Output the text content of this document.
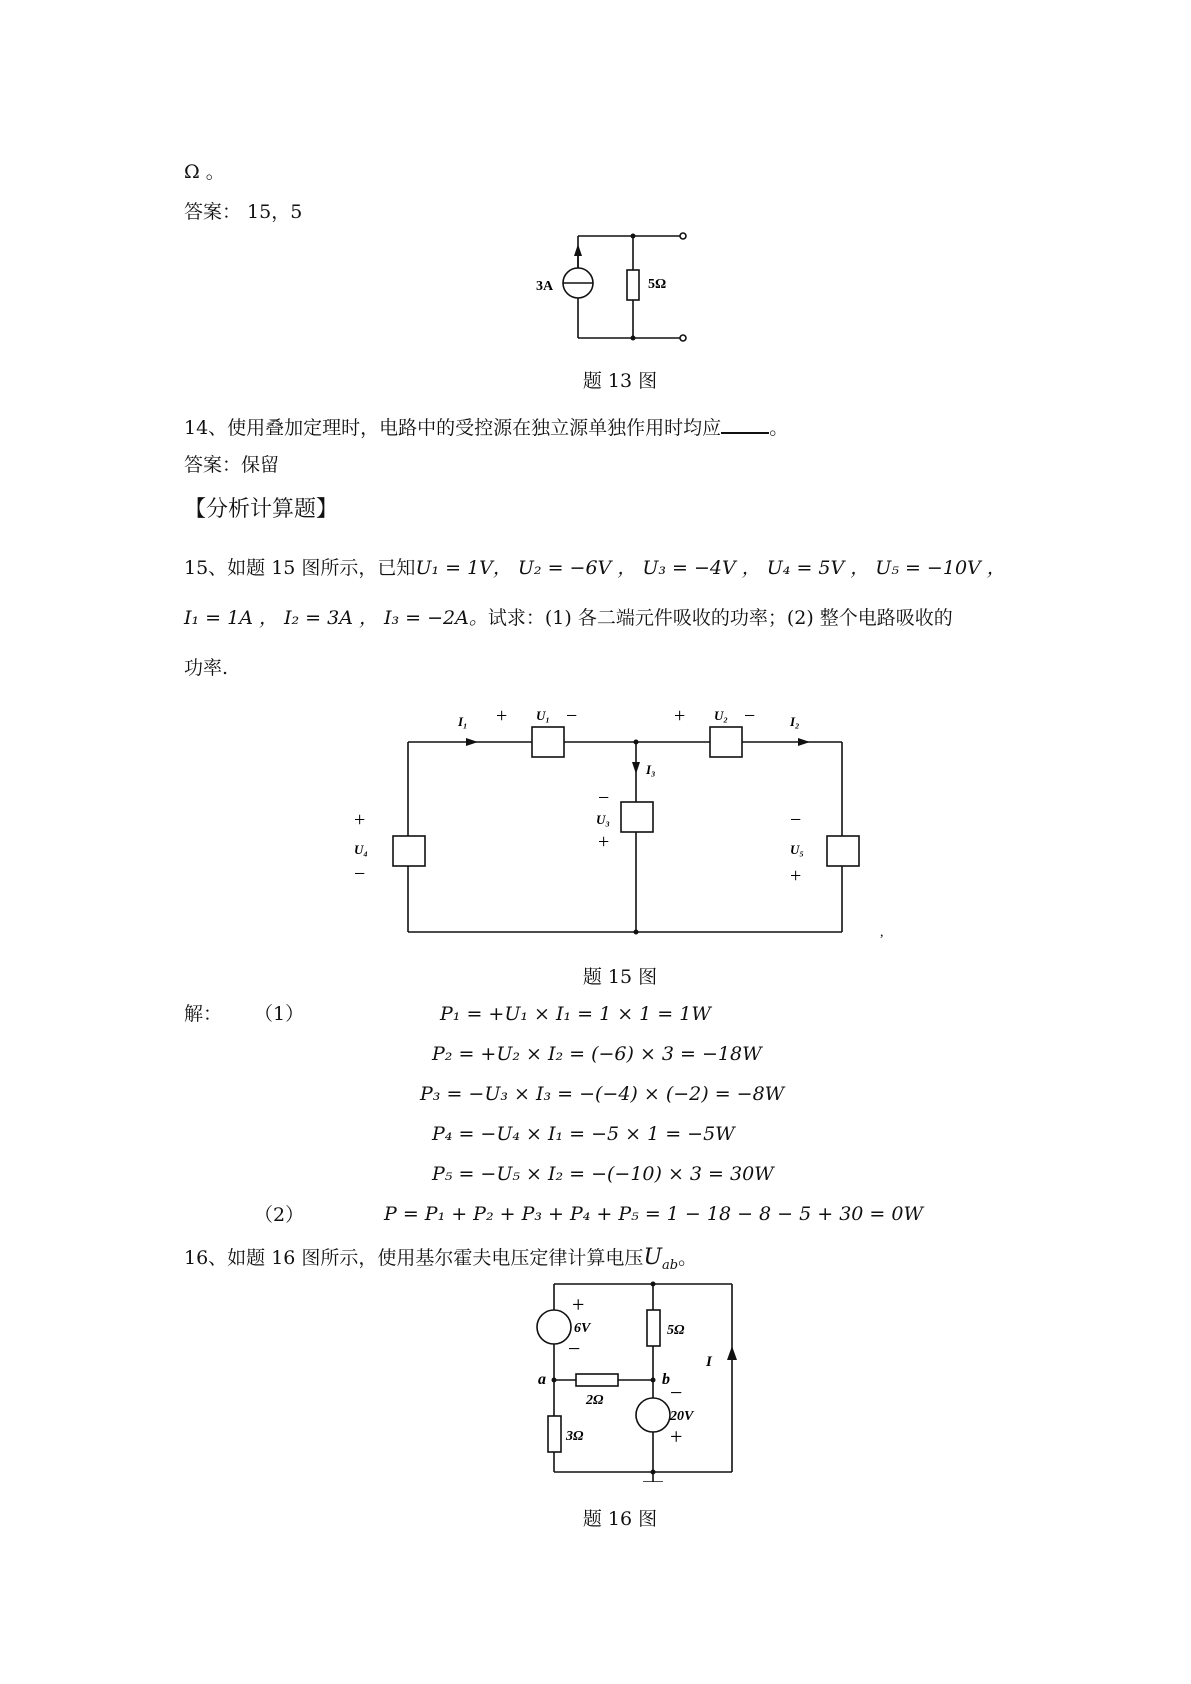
Ω 。
答案： 15，5
3A	5Ω
题 13 图
14、使用叠加定理时，电路中的受控源在独立源单独作用时均应	。
答案：保留
【分析计算题】
15、如题 15 图所示，已知U₁ = 1V， U₂ = −6V ， U₃ = −4V ， U₄ = 5V ， U₅ = −10V ，
I₁ = 1A ， I₂ = 3A ， I₃ = −2A。试求：(1) 各二端元件吸收的功率；(2) 整个电路吸收的
功率.
I₁ + U₁ −	+ U₂ −	I₂
I₃
−
U₃
+
+
U₄
−
−
U₅
+
,
题 15 图
解： （1）	P₁ = +U₁ × I₁ = 1 × 1 = 1W
P₂ = +U₂ × I₂ = (−6) × 3 = −18W
P₃ = −U₃ × I₃ = −(−4) × (−2) = −8W
P₄ = −U₄ × I₁ = −5 × 1 = −5W
P₅ = −U₅ × I₂ = −(−10) × 3 = 30W
（2）	P = P₁ + P₂ + P₃ + P₄ + P₅ = 1 − 18 − 8 − 5 + 30 = 0W
16、如题 16 图所示，使用基尔霍夫电压定律计算电压$U_{ab}$。
+
6V
−
5Ω
I
a	b
2Ω	−
20V
+
3Ω
题 16 图
